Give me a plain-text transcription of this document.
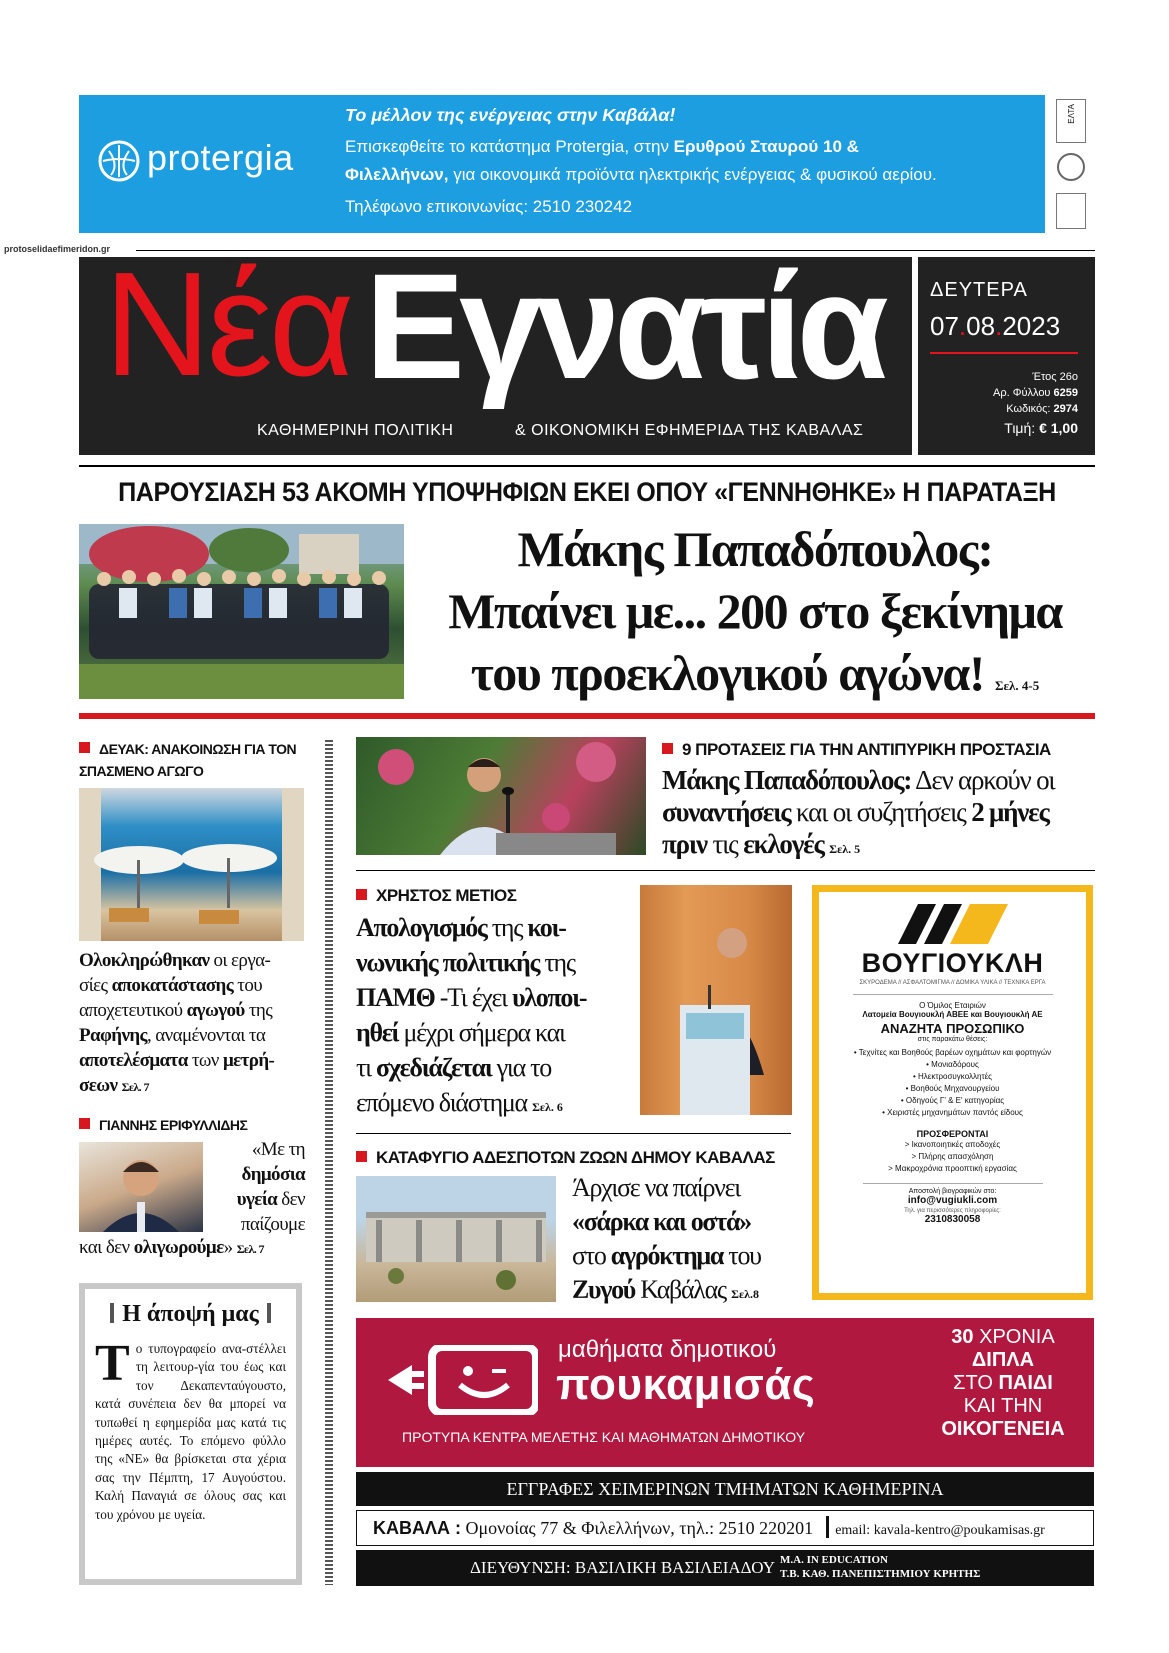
protergia
Το μέλλον της ενέργειας στην Καβάλα!
Επισκεφθείτε το κατάστημα Protergia, στην Ερυθρού Σταυρού 10 &
Φιλελλήνων, για οικονομικά προϊόντα ηλεκτρικής ενέργειας & φυσικού αερίου.
Τηλέφωνο επικοινωνίας: 2510 230242
ΕΛΤΑ
protoselidaefimeridon.gr
Νέα Εγνατία
ΚΑΘΗΜΕΡΙΝΗ ΠΟΛΙΤΙΚΗ	& ΟΙΚΟΝΟΜΙΚΗ ΕΦΗΜΕΡΙΔΑ ΤΗΣ ΚΑΒΑΛΑΣ
ΔΕΥΤΕΡΑ
07.08.2023
Έτος 26ο
Αρ. Φύλλου 6259
Κωδικός: 2974
Τιμή: € 1,00
ΠΑΡΟΥΣΙΑΣΗ 53 ΑΚΟΜΗ ΥΠΟΨΗΦΙΩΝ ΕΚΕΙ ΟΠΟΥ «ΓΕΝΝΗΘΗΚΕ» Η ΠΑΡΑΤΑΞΗ
Μάκης Παπαδόπουλος:
Μπαίνει με... 200 στο ξεκίνημα
του προεκλογικού αγώνα! Σελ. 4-5
ΔΕΥΑΚ: ΑΝΑΚΟΙΝΩΣΗ ΓΙΑ ΤΟΝ
ΣΠΑΣΜΕΝΟ ΑΓΩΓΟ
Ολοκληρώθηκαν οι εργα-
σίες αποκατάστασης του
αποχετευτικού αγωγού της
Ραφήνης, αναμένονται τα
αποτελέσματα των μετρή-
σεων Σελ. 7
ΓΙΑΝΝΗΣ ΕΡΙΦΥΛΛΙΔΗΣ
«Με τη
δημόσια
υγεία δεν
παίζουμε
και δεν ολιγωρούμε» Σελ. 7
Η άποψή μας
Το τυπογραφείο ανα-στέλλει τη λειτουρ-γία του έως και τον Δεκαπενταύγουστο, κατά συνέπεια δεν θα μπορεί να τυπωθεί η εφημερίδα μας κατά τις ημέρες αυτές. Το επόμενο φύλλο της «ΝΕ» θα βρίσκεται στα χέρια σας την Πέμπτη, 17 Αυγούστου. Καλή Παναγιά σε όλους σας και του χρόνου με υγεία.
9 ΠΡΟΤΑΣΕΙΣ ΓΙΑ ΤΗΝ ΑΝΤΙΠΥΡΙΚΗ ΠΡΟΣΤΑΣΙΑ
Μάκης Παπαδόπουλος: Δεν αρκούν οι
συναντήσεις και οι συζητήσεις 2 μήνες
πριν τις εκλογές Σελ. 5
ΧΡΗΣΤΟΣ ΜΕΤΙΟΣ
Απολογισμός της κοι-
νωνικής πολιτικής της
ΠΑΜΘ -Τι έχει υλοποι-
ηθεί μέχρι σήμερα και
τι σχεδιάζεται για το
επόμενο διάστημα Σελ. 6
ΚΑΤΑΦΥΓΙΟ ΑΔΕΣΠΟΤΩΝ ΖΩΩΝ ΔΗΜΟΥ ΚΑΒΑΛΑΣ
Άρχισε να παίρνει
«σάρκα και οστά»
στο αγρόκτημα του
Ζυγού Καβάλας Σελ.8
ΒΟΥΓΙΟΥΚΛΗ
ΣΚΥΡΟΔΕΜΑ // ΑΣΦΑΛΤΟΜΙΓΜΑ // ΔΟΜΙΚΑ ΥΛΙΚΑ // ΤΕΧΝΙΚΑ ΕΡΓΑ
Ο Όμιλος Εταιριών
Λατομεία Βουγιουκλή ΑΒΕΕ και Βουγιουκλή ΑΕ
ΑΝΑΖΗΤΑ ΠΡΟΣΩΠΙΚΟ
στις παρακάτω θέσεις:
• Τεχνίτες και Βοηθούς βαρέων οχημάτων και φορτηγών
• Μονιαδόρους
• Ηλεκτροσυγκολλητές
• Βοηθούς Μηχανουργείου
• Οδηγούς Γ' & Ε' κατηγορίας
• Χειριστές μηχανημάτων παντός είδους
ΠΡΟΣΦΕΡΟΝΤΑΙ
> Ικανοποιητικές αποδοχές
> Πλήρης απασχόληση
> Μακροχρόνια προοπτική εργασίας
Αποστολή βιογραφικών στο:
info@vugiukli.com
Τηλ. για περισσότερες πληροφορίες:
2310830058
μαθήματα δημοτικού
πουκαμισάς
ΠΡΟΤΥΠΑ ΚΕΝΤΡΑ ΜΕΛΕΤΗΣ ΚΑΙ ΜΑΘΗΜΑΤΩΝ ΔΗΜΟΤΙΚΟΥ
30 ΧΡΟΝΙΑ
ΔΙΠΛΑ
ΣΤΟ ΠΑΙΔΙ
ΚΑΙ ΤΗΝ
ΟΙΚΟΓΕΝΕΙΑ
ΕΓΓΡΑΦΕΣ ΧΕΙΜΕΡΙΝΩΝ ΤΜΗΜΑΤΩΝ ΚΑΘΗΜΕΡΙΝΑ
ΚΑΒΑΛΑ : Ομονοίας 77 & Φιλελλήνων, τηλ.: 2510 220201 email: kavala-kentro@poukamisas.gr
ΔΙΕΥΘΥΝΣΗ: ΒΑΣΙΛΙΚΗ ΒΑΣΙΛΕΙΑΔΟΥ Μ.Α. IN EDUCATION
Τ.Β. ΚΑΘ. ΠΑΝΕΠΙΣΤΗΜΙΟΥ ΚΡΗΤΗΣ
